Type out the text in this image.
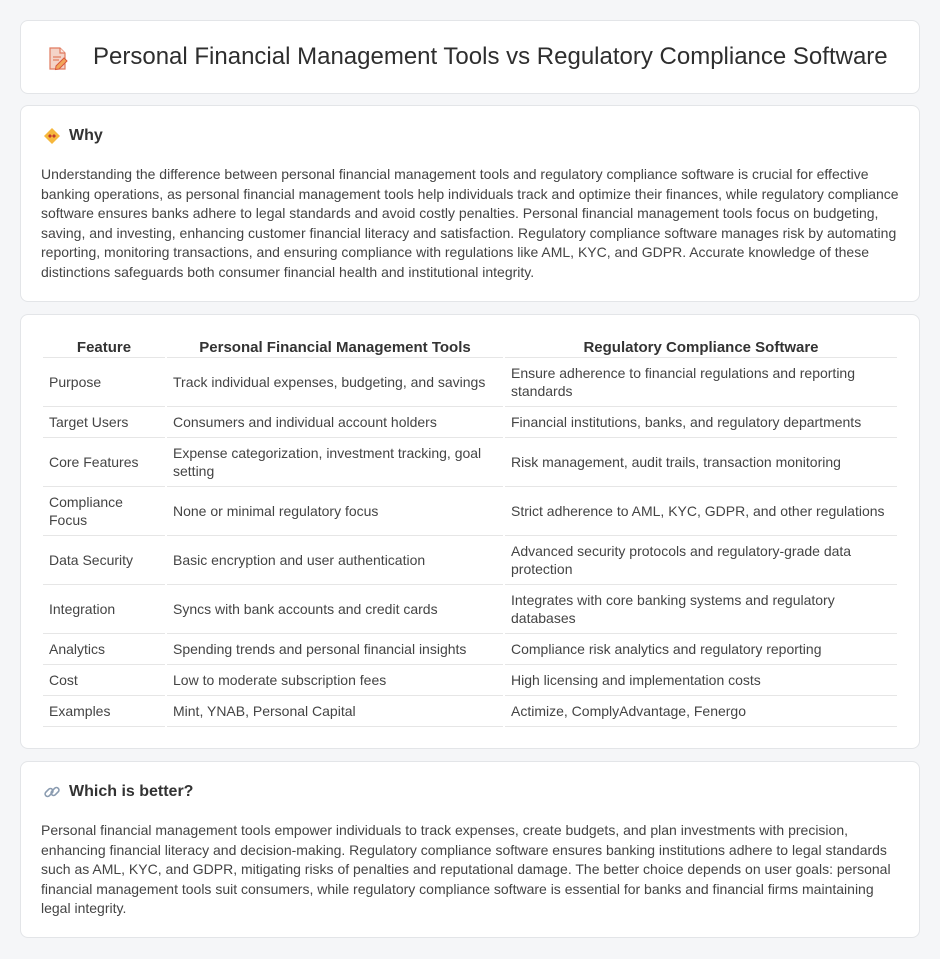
Personal Financial Management Tools vs Regulatory Compliance Software
Why

Understanding the difference between personal financial management tools and regulatory compliance software is crucial for effective banking operations, as personal financial management tools help individuals track and optimize their finances, while regulatory compliance software ensures banks adhere to legal standards and avoid costly penalties. Personal financial management tools focus on budgeting, saving, and investing, enhancing customer financial literacy and satisfaction. Regulatory compliance software manages risk by automating reporting, monitoring transactions, and ensuring compliance with regulations like AML, KYC, and GDPR. Accurate knowledge of these distinctions safeguards both consumer financial health and institutional integrity.

Feature	Personal Financial Management Tools	Regulatory Compliance Software
Purpose	Track individual expenses, budgeting, and savings	Ensure adherence to financial regulations and reporting standards
Target Users	Consumers and individual account holders	Financial institutions, banks, and regulatory departments
Core Features	Expense categorization, investment tracking, goal setting	Risk management, audit trails, transaction monitoring
Compliance Focus	None or minimal regulatory focus	Strict adherence to AML, KYC, GDPR, and other regulations
Data Security	Basic encryption and user authentication	Advanced security protocols and regulatory-grade data protection
Integration	Syncs with bank accounts and credit cards	Integrates with core banking systems and regulatory databases
Analytics	Spending trends and personal financial insights	Compliance risk analytics and regulatory reporting
Cost	Low to moderate subscription fees	High licensing and implementation costs
Examples	Mint, YNAB, Personal Capital	Actimize, ComplyAdvantage, Fenergo
Which is better?

Personal financial management tools empower individuals to track expenses, create budgets, and plan investments with precision, enhancing financial literacy and decision-making. Regulatory compliance software ensures banking institutions adhere to legal standards such as AML, KYC, and GDPR, mitigating risks of penalties and reputational damage. The better choice depends on user goals: personal financial management tools suit consumers, while regulatory compliance software is essential for banks and financial firms maintaining legal integrity.
